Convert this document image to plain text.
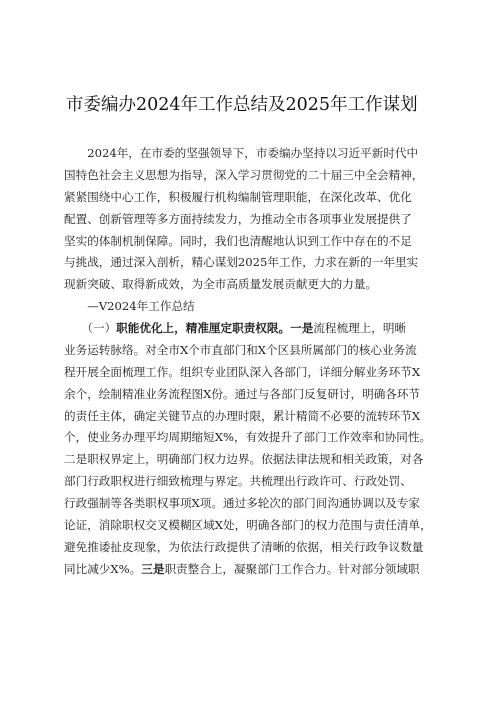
市委编办2024年工作总结及2025年工作谋划
　　2024年，在市委的坚强领导下，市委编办坚持以习近平新时代中
国特色社会主义思想为指导，深入学习贯彻党的二十届三中全会精神，
紧紧围绕中心工作，积极履行机构编制管理职能，在深化改革、优化
配置、创新管理等多方面持续发力，为推动全市各项事业发展提供了
坚实的体制机制保障。同时，我们也清醒地认识到工作中存在的不足
与挑战，通过深入剖析，精心谋划2025年工作，力求在新的一年里实
现新突破、取得新成效，为全市高质量发展贡献更大的力量。
　　—V2024年工作总结
　　（一）职能优化上，精准厘定职责权限。一是流程梳理上，明晰
业务运转脉络。对全市X个市直部门和X个区县所属部门的核心业务流
程开展全面梳理工作。组织专业团队深入各部门，详细分解业务环节X
余个，绘制精准业务流程图X份。通过与各部门反复研讨，明确各环节
的责任主体，确定关键节点的办理时限，累计精简不必要的流转环节X
个，使业务办理平均周期缩短X%，有效提升了部门工作效率和协同性。
二是职权界定上，明确部门权力边界。依据法律法规和相关政策，对各
部门行政职权进行细致梳理与界定。共梳理出行政许可、行政处罚、
行政强制等各类职权事项X项。通过多轮次的部门间沟通协调以及专家
论证，消除职权交叉模糊区域X处，明确各部门的权力范围与责任清单，
避免推诿扯皮现象，为依法行政提供了清晰的依据，相关行政争议数量
同比减少X%。三是职责整合上，凝聚部门工作合力。针对部分领域职
